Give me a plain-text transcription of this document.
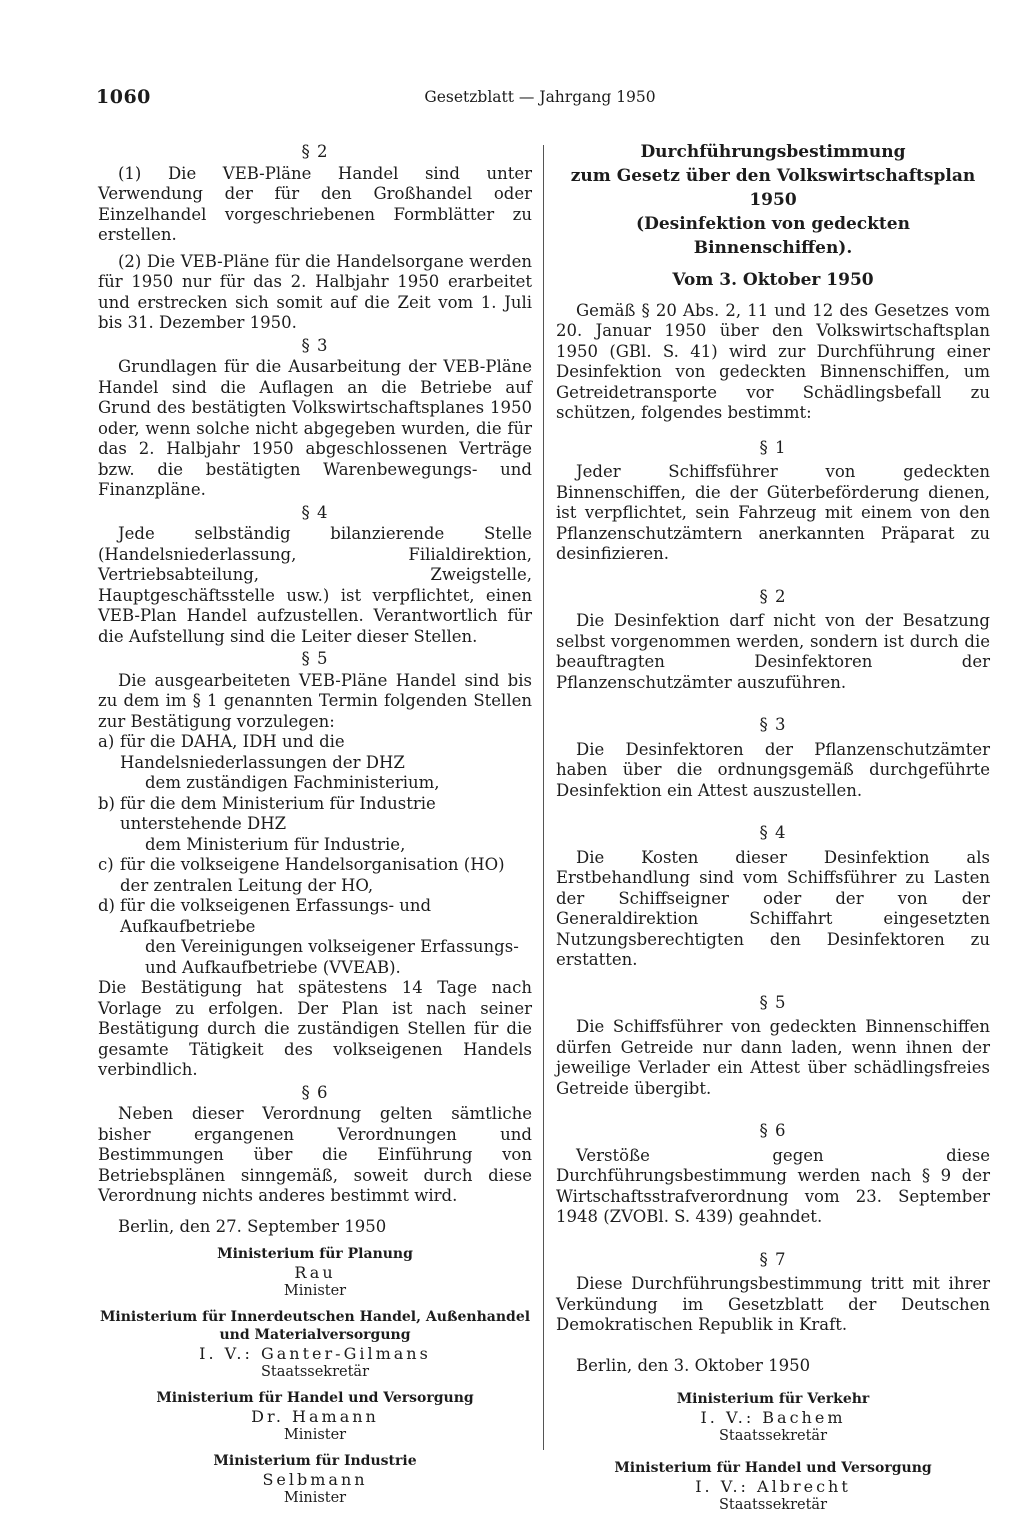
1060	Gesetzblatt — Jahrgang 1950
§ 2

(1) Die VEB-Pläne Handel sind unter Verwendung der für den Großhandel oder Einzelhandel vorgeschriebenen Formblätter zu erstellen.

(2) Die VEB-Pläne für die Handelsorgane werden für 1950 nur für das 2. Halbjahr 1950 erarbeitet und erstrecken sich somit auf die Zeit vom 1. Juli bis 31. Dezember 1950.

§ 3

Grundlagen für die Ausarbeitung der VEB-Pläne Handel sind die Auflagen an die Betriebe auf Grund des bestätigten Volkswirtschaftsplanes 1950 oder, wenn solche nicht abgegeben wurden, die für das 2. Halbjahr 1950 abgeschlossenen Verträge bzw. die bestätigten Warenbewegungs- und Finanzpläne.

§ 4

Jede selbständig bilanzierende Stelle (Handelsniederlassung, Filialdirektion, Vertriebsabteilung, Zweigstelle, Hauptgeschäftsstelle usw.) ist verpflichtet, einen VEB-Plan Handel aufzustellen. Verantwortlich für die Aufstellung sind die Leiter dieser Stellen.

§ 5

Die ausgearbeiteten VEB-Pläne Handel sind bis zu dem im § 1 genannten Termin folgenden Stellen zur Bestätigung vorzulegen:

a) für die DAHA, IDH und die Handelsniederlassungen der DHZ
dem zuständigen Fachministerium,
b) für die dem Ministerium für Industrie unterstehende DHZ
dem Ministerium für Industrie,
c) für die volkseigene Handelsorganisation (HO) der zentralen Leitung der HO,
d) für die volkseigenen Erfassungs- und Aufkaufbetriebe
den Vereinigungen volkseigener Erfassungs- und Aufkaufbetriebe (VVEAB).

Die Bestätigung hat spätestens 14 Tage nach Vorlage zu erfolgen. Der Plan ist nach seiner Bestätigung durch die zuständigen Stellen für die gesamte Tätigkeit des volkseigenen Handels verbindlich.

§ 6

Neben dieser Verordnung gelten sämtliche bisher ergangenen Verordnungen und Bestimmungen über die Einführung von Betriebsplänen sinngemäß, soweit durch diese Verordnung nichts anderes bestimmt wird.

Berlin, den 27. September 1950
Ministerium für Planung
Rau
Minister
Ministerium für Innerdeutschen Handel, Außenhandel und Materialversorgung
I. V.: Ganter-Gilmans
Staatssekretär
Ministerium für Handel und Versorgung
Dr. Hamann
Minister
Ministerium für Industrie
Selbmann
Minister
Durchführungsbestimmung
zum Gesetz über den Volkswirtschaftsplan 1950
(Desinfektion von gedeckten Binnenschiffen).
Vom 3. Oktober 1950

Gemäß § 20 Abs. 2, 11 und 12 des Gesetzes vom 20. Januar 1950 über den Volkswirtschaftsplan 1950 (GBl. S. 41) wird zur Durchführung einer Desinfektion von gedeckten Binnenschiffen, um Getreidetransporte vor Schädlingsbefall zu schützen, folgendes bestimmt:

§ 1

Jeder Schiffsführer von gedeckten Binnenschiffen, die der Güterbeförderung dienen, ist verpflichtet, sein Fahrzeug mit einem von den Pflanzenschutzämtern anerkannten Präparat zu desinfizieren.

§ 2

Die Desinfektion darf nicht von der Besatzung selbst vorgenommen werden, sondern ist durch die beauftragten Desinfektoren der Pflanzenschutzämter auszuführen.

§ 3

Die Desinfektoren der Pflanzenschutzämter haben über die ordnungsgemäß durchgeführte Desinfektion ein Attest auszustellen.

§ 4

Die Kosten dieser Desinfektion als Erstbehandlung sind vom Schiffsführer zu Lasten der Schiffseigner oder der von der Generaldirektion Schiffahrt eingesetzten Nutzungsberechtigten den Desinfektoren zu erstatten.

§ 5

Die Schiffsführer von gedeckten Binnenschiffen dürfen Getreide nur dann laden, wenn ihnen der jeweilige Verlader ein Attest über schädlingsfreies Getreide übergibt.

§ 6

Verstöße gegen diese Durchführungsbestimmung werden nach § 9 der Wirtschaftsstrafverordnung vom 23. September 1948 (ZVOBl. S. 439) geahndet.

§ 7

Diese Durchführungsbestimmung tritt mit ihrer Verkündung im Gesetzblatt der Deutschen Demokratischen Republik in Kraft.

Berlin, den 3. Oktober 1950
Ministerium für Verkehr
I. V.: Bachem
Staatssekretär
Ministerium für Handel und Versorgung
I. V.: Albrecht
Staatssekretär
